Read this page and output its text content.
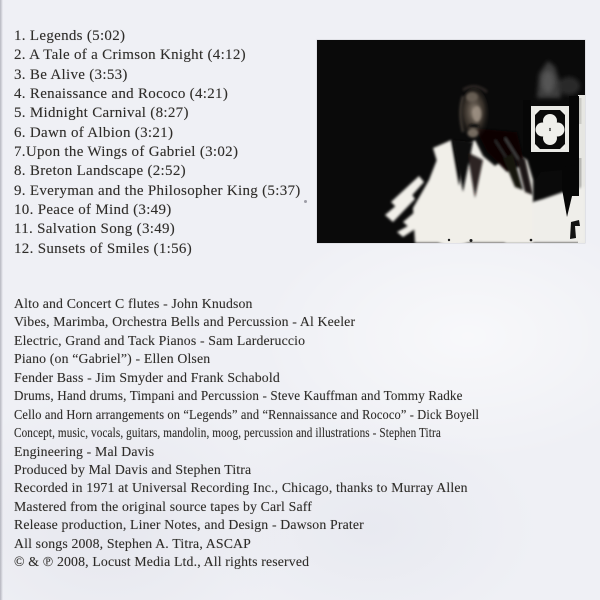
1. Legends (5:02)
2. A Tale of a Crimson Knight (4:12)
3. Be Alive (3:53)
4. Renaissance and Rococo (4:21)
5. Midnight Carnival (8:27)
6. Dawn of Albion (3:21)
7.Upon the Wings of Gabriel (3:02)
8. Breton Landscape (2:52)
9. Everyman and the Philosopher King (5:37)
10. Peace of Mind (3:49)
11. Salvation Song (3:49)
12. Sunsets of Smiles (1:56)
Alto and Concert C flutes - John Knudson
Vibes, Marimba, Orchestra Bells and Percussion - Al Keeler
Electric, Grand and Tack Pianos - Sam Larderuccio
Piano (on “Gabriel”) - Ellen Olsen
Fender Bass - Jim Smyder and Frank Schabold
Drums, Hand drums, Timpani and Percussion - Steve Kauffman and Tommy Radke
Cello and Horn arrangements on “Legends” and “Rennaissance and Rococo” - Dick Boyell
Concept, music, vocals, guitars, mandolin, moog, percussion and illustrations - Stephen Titra
Engineering - Mal Davis
Produced by Mal Davis and Stephen Titra
Recorded in 1971 at Universal Recording Inc., Chicago, thanks to Murray Allen
Mastered from the original source tapes by Carl Saff
Release production, Liner Notes, and Design - Dawson Prater
All songs 2008, Stephen A. Titra, ASCAP
© & ℗ 2008, Locust Media Ltd., All rights reserved
